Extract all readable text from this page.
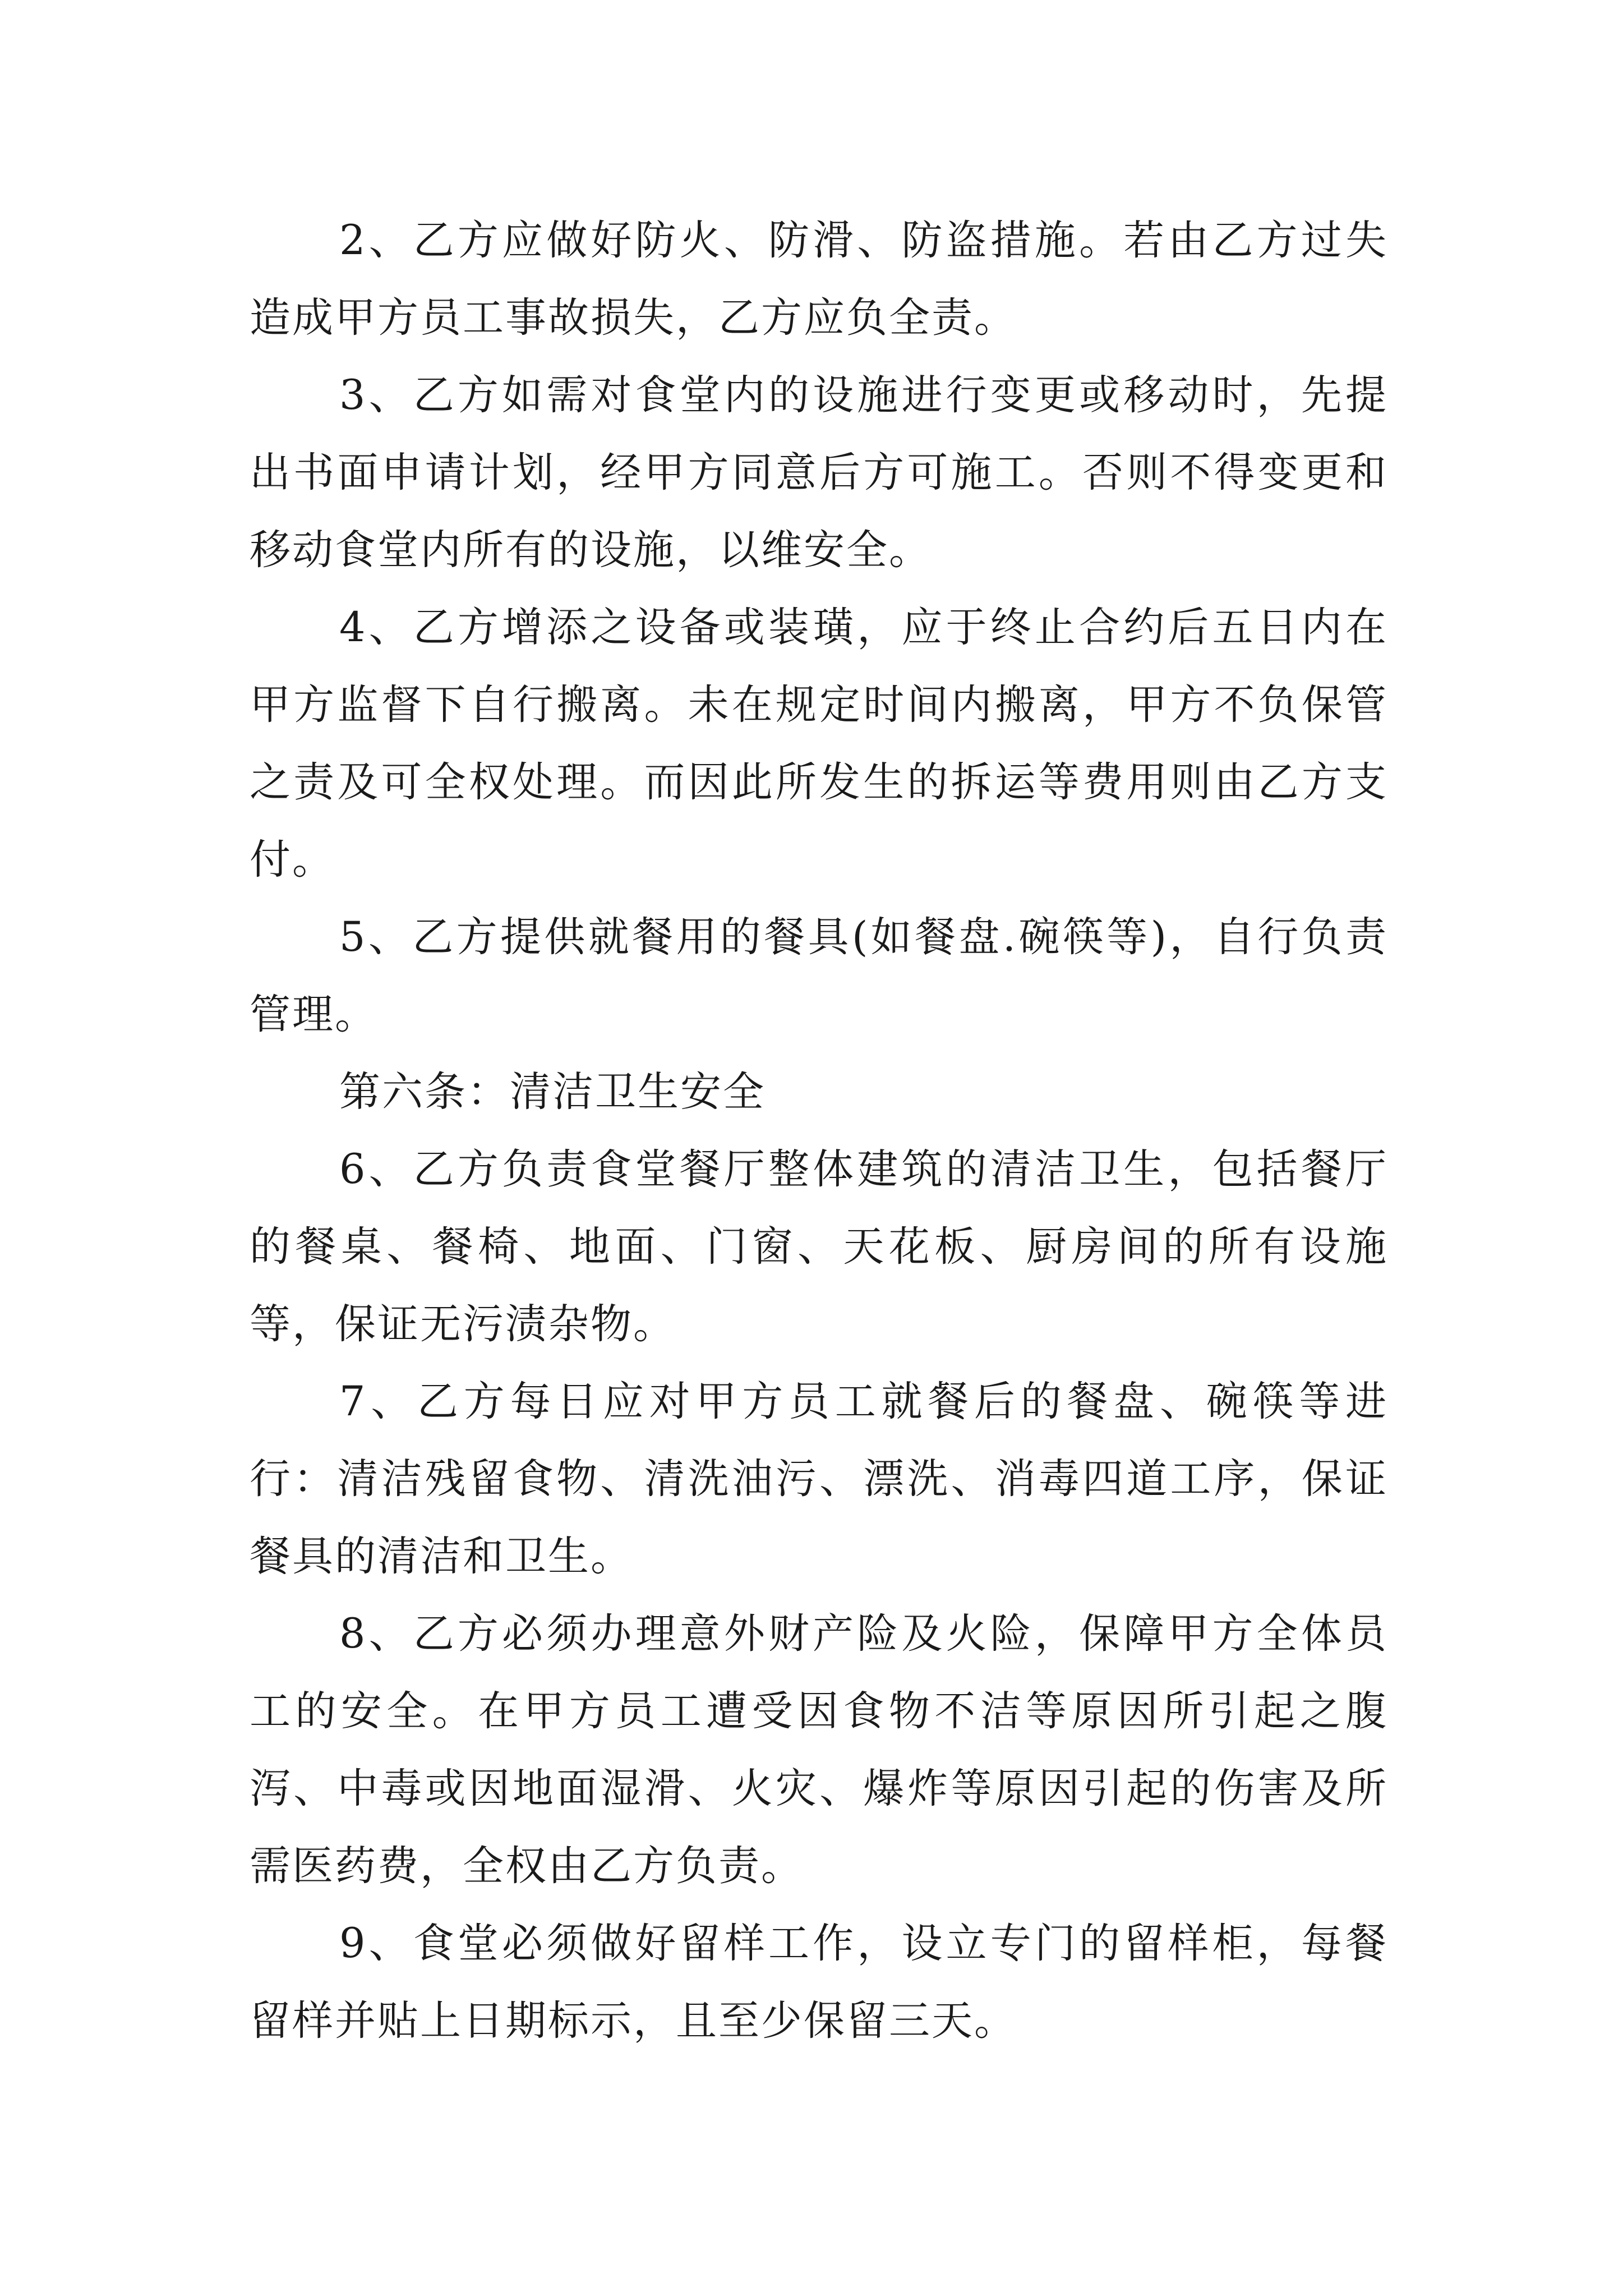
2、乙方应做好防火、防滑、防盗措施。若由乙方过失造成甲方员工事故损失，乙方应负全责。

3、乙方如需对食堂内的设施进行变更或移动时，先提出书面申请计划，经甲方同意后方可施工。否则不得变更和移动食堂内所有的设施，以维安全。

4、乙方增添之设备或装璜，应于终止合约后五日内在甲方监督下自行搬离。未在规定时间内搬离，甲方不负保管之责及可全权处理。而因此所发生的拆运等费用则由乙方支付。

5、乙方提供就餐用的餐具(如餐盘.碗筷等)，自行负责管理。

第六条：清洁卫生安全

6、乙方负责食堂餐厅整体建筑的清洁卫生，包括餐厅的餐桌、餐椅、地面、门窗、天花板、厨房间的所有设施等，保证无污渍杂物。

7、乙方每日应对甲方员工就餐后的餐盘、碗筷等进行：清洁残留食物、清洗油污、漂洗、消毒四道工序，保证餐具的清洁和卫生。

8、乙方必须办理意外财产险及火险，保障甲方全体员工的安全。在甲方员工遭受因食物不洁等原因所引起之腹泻、中毒或因地面湿滑、火灾、爆炸等原因引起的伤害及所需医药费，全权由乙方负责。

9、食堂必须做好留样工作，设立专门的留样柜，每餐留样并贴上日期标示，且至少保留三天。
